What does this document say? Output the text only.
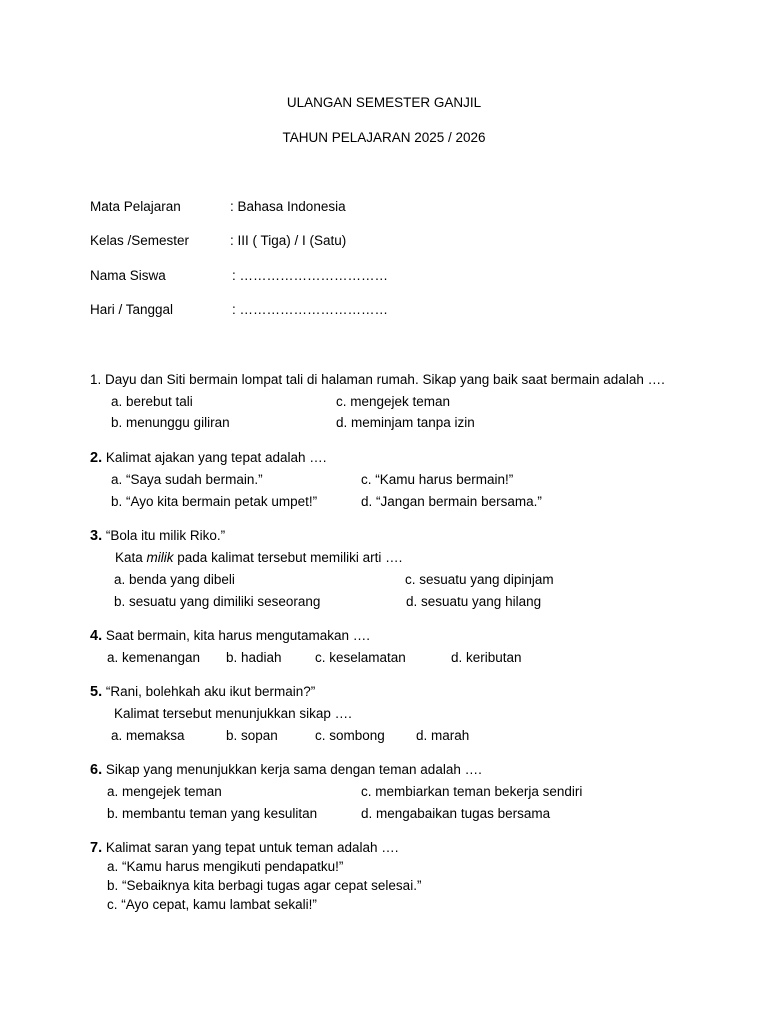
ULANGAN SEMESTER GANJIL
TAHUN PELAJARAN 2025 / 2026
Mata Pelajaran	: Bahasa Indonesia
Kelas /Semester	: III ( Tiga) / I (Satu)
Nama Siswa	: ……………………………
Hari / Tanggal	: ……………………………
1. Dayu dan Siti bermain lompat tali di halaman rumah. Sikap yang baik saat bermain adalah ….
a. berebut tali
b. menunggu giliran
c. mengejek teman
d. meminjam tanpa izin
2. Kalimat ajakan yang tepat adalah ….
a. “Saya sudah bermain.”
b. “Ayo kita bermain petak umpet!”
c. “Kamu harus bermain!”
d. “Jangan bermain bersama.”
3. “Bola itu milik Riko.”
Kata milik pada kalimat tersebut memiliki arti ….
a. benda yang dibeli
b. sesuatu yang dimiliki seseorang
c. sesuatu yang dipinjam
d. sesuatu yang hilang
4. Saat bermain, kita harus mengutamakan ….
a. kemenangan b. hadiah c. keselamatan	d. keributan
5. “Rani, bolehkah aku ikut bermain?”
Kalimat tersebut menunjukkan sikap ….
a. memaksa	b. sopan	c. sombong d. marah
6. Sikap yang menunjukkan kerja sama dengan teman adalah ….
a. mengejek teman
b. membantu teman yang kesulitan
c. membiarkan teman bekerja sendiri
d. mengabaikan tugas bersama
7. Kalimat saran yang tepat untuk teman adalah ….
a. “Kamu harus mengikuti pendapatku!”
b. “Sebaiknya kita berbagi tugas agar cepat selesai.”
c. “Ayo cepat, kamu lambat sekali!”
